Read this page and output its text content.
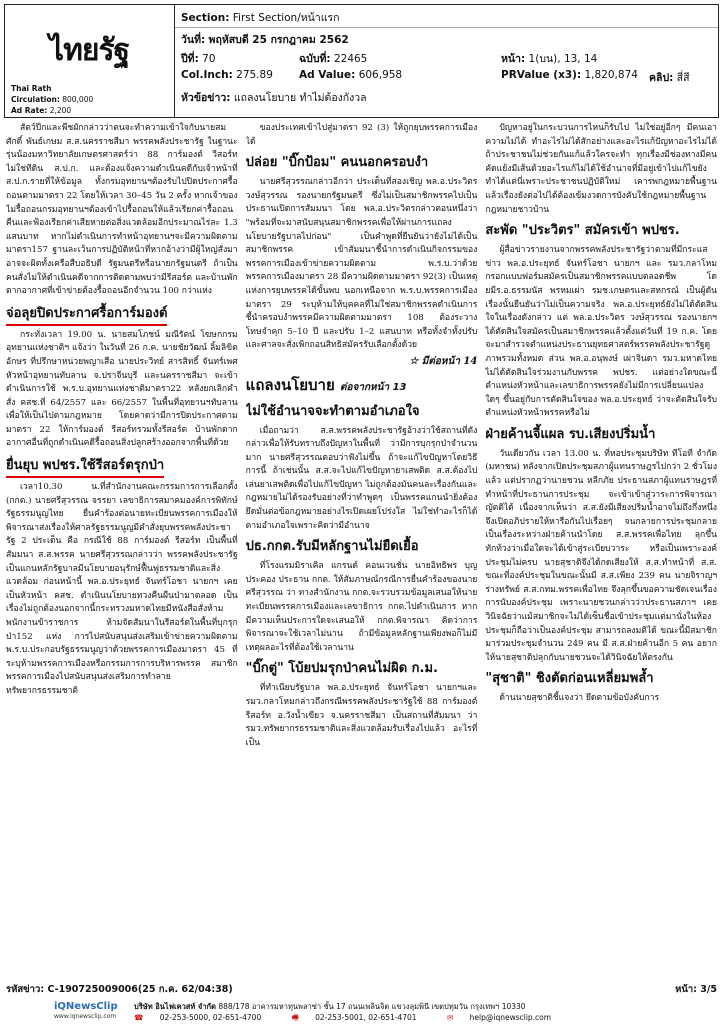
ไทยรัฐ
Thai Rath
Circulation: 800,000
Ad Rate: 2,200
Section: First Section/หน้าแรก
วันที่: พฤหัสบดี 25 กรกฎาคม 2562
ปีที่: 70	ฉบับที่: 22465	หน้า: 1(บน), 13, 14
Col.Inch: 275.89 Ad Value: 606,958	PRValue (x3): 1,820,874 คลิป: สี่สี
หัวข้อข่าว: แถลงนโยบาย ทำไม่ต้องกังวล

สัตว์ปีกและพืชผักกล่าวว่าตนจะทำความเข้าใจกับนายสมศักดิ์ พันธ์เกษม ส.ส.นครราชสีมา พรรคพลังประชารัฐ ในฐานะรุ่นน้องมหาวิทยาลัยเกษตรศาสตร์ว่า 88 การ์มองต์ วีสอร์ท ไม่ใช่ทีดิน ส.ป.ก. และต้องแจ้งความดำเนินคดีกับเจ้าหน้าที่ ส.ป.ก.รายที่ให้ข้อมูล ทั้งกรมอุทยานฯต้องรับไปปิดประกาศรื้อถอนตามมาตรา 22 โดยให้เวลา 30–45 วัน 2 ครั้ง หากเจ้าของไม่รื้อถอนกรมอุทยานฯต้องเข้าไปรื้อถอนให้แล้วเรียกค่ารื้อถอนคืนและฟ้องเรียกค่าเสียหายต่อสิ่งแวดล้อมอีกประมาณไร่ละ 1.3 แสนบาท หากไม่ดำเนินการทำหน้าอุทยานฯจะมีความผิดตามมาตรา157 ฐานละเว้นการปฏิบัติหน้าที่หากอ้างว่ามีผู้ใหญ่สั่งมาอาจจะผิดทั้งเครือสืบอธิบดี รัฐมนตรีหรือนายกรัฐมนตรี ถ้าเป็นคนสั่งไม่ให้ดำเนินคดีจากการติดตามพบว่ามีรีสอร์ต และบ้านพักตากอากาศที่เข้าข่ายต้องรื้อถอนอีกจำนวน 100 กว่าแห่ง

จ่อลุยปิดประกาศรื้อการ์มองต์

กระทั่งเวลา 19.00 น. นายสมโภชน์ มณีรัตน์ โฆษกกรมอุทยานแห่งชาติฯ แจ้งว่า ในวันที่ 26 ก.ค. นายชัยวัฒน์ ลิ้มลิขิตอักษร ที่ปรึกษาหน่วยพญาเสือ นายประวิทย์ สารสิทธิ์ จันทร์เพศ หัวหน้าอุทยานทับลาน จ.ปราจีนบุรี และนครราชสีมา จะเข้าดำเนินการใช้ พ.ร.บ.อุทยานแห่งชาติมาตรา22 หลังยกเลิกคำสั่ง คสช.ที่ 64/2557 และ 66/2557 ในพื้นที่อุทยานฯทับลาน เพื่อให้เป็นไปตามกฎหมาย โดยคาดว่ามีการปิดประกาศตามมาตรา 22 ให้การ์มองต์ รีสอร์ทรวมทั้งรีสอร์ต บ้านพักตากอากาศอื่นที่ถูกดำเนินคดีรื้อถอนสิ่งปลูกสร้างออกจากพื้นที่ด้วย

ยื่นยุบ พปชร.ใช้รีสอร์ตรุกป่า

เวลา10.30 น.ที่สำนักงานคณะกรรมการการเลือกตั้ง (กกต.) นายศรีสุวรรณ จรรยา เลขาธิการสมาคมองค์การพิทักษ์รัฐธรรมนูญไทย ยื่นคำร้องต่อนายทะเบียนพรรคการเมืองให้พิจารณาส่งเรื่องให้ศาลรัฐธรรมนูญมีคำสั่งยุบพรรคพลังประชารัฐ 2 ประเด็น คือ กรณีใช้ 88 การ์มองต์ รีสอร์ท เป็นพื้นที่สัมมนา ส.ส.พรรค นายศรีสุวรรณกล่าวว่า พรรคพลังประชารัฐเป็นแกนหลักรัฐบาลมีนโยบายอนุรักษ์ฟื้นฟูธรรมชาติและสิ่งแวดล้อม ก่อนหน้านี้ พล.อ.ประยุทธ์ จันทร์โอชา นายกฯ เคยเป็นหัวหน้า คสช. ดำเนินนโยบายทวงคืนผืนป่ามาตลอด เป็นเรื่องไม่ถูกต้องนอกจากนี้กระทรวงมหาดไทยมีหนังสือสั่งห้ามพนักงานข้าราชการ ห้ามจัดสัมนาในรีสอร์ตในพื้นที่บุกรุกป่า152 แห่ง การไปสนับสนุนส่งเสริมเข้าข่ายความผิดตาม พ.ร.บ.ประกอบรัฐธรรมนูญว่าด้วยพรรคการเมืองมาตรา 45 ที่ระบุห้ามพรรคการเมืองหรือกรรมการการบริหารพรรค สมาชิกพรรคการเมืองไปสนับสนุนส่งเสริมการทำลายทรัพยากรธรรมชาติ

ของประเทศเข้าไปสู่มาตรา 92 (3) ให้ถูกยุบพรรคการเมืองได้

ปล่อย "บิ๊กป้อม" คนนอกครอบงำ

นายศรีสุวรรณกล่าวอีกว่า ประเด็นที่สองเชิญ พล.อ.ประวิตร วงษ์สุวรรณ รองนายกรัฐมนตรี ซึ่งไม่เป็นสมาชิกพรรคไปเป็นประธานเปิดการสัมมนา โดย พล.อ.ประวิตรกล่าวตอนหนึ่งว่า "พร้อมที่จะมาสนับสนุนสมาชิกพรรคเพื่อให้ผ่านการแถลงนโยบายรัฐบาลไปก่อน" เป็นคำพูดที่ยืนยันว่ายังไม่ได้เป็นสมาชิกพรรค เข้าสัมมนาชี้นำการดำเนินกิจกรรมของพรรคการเมืองเข้าข่ายความผิดตาม พ.ร.บ.ว่าด้วยพรรคการเมืองมาตรา 28 มีความผิดตามมาตรา 92(3) เป็นเหตุแห่งการยุบพรรคได้ขั้นพบ นอกเหนือจาก พ.ร.บ.พรรคการเมืองมาตรา 29 ระบุห้ามให้บุคคลที่ไม่ใช่สมาชิกพรรคดำเนินการชี้นำครอบงำพรรคมีความผิดตามมาตรา 108 ต้องระวางโทษจำคุก 5–10 ปี และปรับ 1–2 แสนบาท หรือทั้งจำทั้งปรับ และศาลจะสั่งเพิกถอนสิทธิสมัครรับเลือกตั้งด้วย

☆ มีต่อหน้า 14
แถลงนโยบาย ต่อจากหน้า 13
ไม่ใช้อำนาจจะทำตามอำเภอใจ

เมื่อถามว่า ส.ส.พรรคพลังประชารัฐอ้างว่าใช้สถานที่ดังกล่าวเพื่อให้รับทราบถึงปัญหาในพื้นที่ ว่ามีการบุกรุกป่าจำนวนมาก นายศรีสุวรรณตอบว่าฟังไม่ขึ้น ถ้าจะแก้ไขปัญหาโดยวิธีการนี้ ถ้าเช่นนั้น ส.ส.จะไปแก้ไขปัญหายาเสพติด ส.ส.ต้องไปเล่นยาเสพติดเพื่อไปแก้ไขปัญหา ไม่ถูกต้องมันคนละเรื่องกันและกฎหมายไม่ได้รองรับอย่างที่ว่าทำพูดๆ เป็นพรรคแกนนำยิ่งต้องยึดมั่นต่อข้อกฎหมายอย่างไรเปิดเผยโปร่งใส ไม่ใช่ทำอะไรก็ได้ตามอำเภอใจเพราะคิดว่ามีอำนาจ

ปธ.กกต.รับมีหลักฐานไม่ยืดเยื้อ

ที่โรงแรมมิราเคิล แกรนด์ คอนเวนชั่น นายอิทธิพร บุญประคอง ประธาน กกต. ให้สัมภาษณ์กรณีการยื่นคำร้องของนายศรีสุวรรณ ว่า ทางสำนักงาน กกต.จะรวบรวมข้อมูลเสนอให้นายทะเบียนพรรคการเมืองและเลขาธิการ กกต.ไปดำเนินการ หากมีความเห็นประการใดจะเสนอให้ กกต.พิจารณา คิดว่าการพิจารณาจะใช้เวลาไม่นาน ถ้ามีข้อมูลหลักฐานเพียงพอก็ไม่มีเหตุผลอะไรที่ต้องใช้เวลานาน

"บิ๊กตู่" โบ้ยปมรุกป่าคนไม่ผิด ก.ม.

ที่ทำเนียบรัฐบาล พล.อ.ประยุทธ์ จันทร์โอชา นายกฯและ รมว.กลาโหมกล่าวถึงกรณีพรรคพลังประชารัฐใช้ 88 การ์มองต์ รีสอร์ท อ.วังน้ำเขียว จ.นครราชสีมา เป็นสถานที่สัมมนา ว่า รมว.ทรัพยากรธรรมชาติและสิ่งแวดล้อมรับเรื่องไปแล้ว อะไรที่เป็น

ปัญหาอยู่ในกระบวนการไหนก็รับไป ไม่ใช่อยู่อีกๆ มีคนเอาความไม่ได้ ทำอะไรไม่ได้สักอย่างและอะไรแก้ปัญหาอะไรไม่ได้ ถ้าประชาชนไม่ช่วยกันแก้แล้วใครจะทำ ทุกเรื่องมีช่องทางมีคนคัดแย้งมีเส้นด้วยอะไรแก้ไม่ได้ใช้อำนาจที่มีอยู่เข้าไปแก้ไขยังทำได้แต่นี่เพราะประชาชนปฏิบัติใหม่ เคารพกฎหมายพื้นฐานแล้วเรื่องยังต่อไปได้ต้องเข้มงวดการบังคับใช้กฎหมายพื้นฐาน กฎหมายชาวบ้าน

สะพัด "ประวิตร" สมัครเข้า พปชร.

ผู้สื่อข่าวรายงานจากพรรคพลังประชารัฐว่าตามที่มีกระแสข่าว พล.อ.ประยุทธ์ จันทร์โอชา นายกฯ และ รมว.กลาโหม กรอกแบบฟอร์มสมัครเป็นสมาชิกพรรคแบบตลอดชีพ โดยมีร.อ.ธรรมนัส พรหมเผ่า รมช.เกษตรและสหกรณ์ เป็นผู้ดันเรื่องนั้นยืนยันว่าไม่เป็นความจริง พล.อ.ประยุทธ์ยังไม่ได้ตัดสินใจในเรื่องดังกล่าว แต่ พล.อ.ประวิตร วงษ์สุวรรณ รองนายกฯ ได้ตัดสินใจสมัครเป็นสมาชิกพรรคแล้วตั้งแต่วันที่ 19 ก.ค. โดยจะมาสำรวจตำแหน่งประธานยุทธศาสตร์พรรคพลังประชารัฐดูภาพรวมทั้งหมด ส่วน พล.อ.อนุพงษ์ เผ่าจินดา รมว.มหาดไทย ไม่ได้ตัดสินใจร่วมงานกับพรรค พปชร. แต่อย่างใดขณะนี้ตำแหน่งหัวหน้าและเลขาธิการพรรคยังไม่มีการเปลี่ยนแปลงใดๆ ขึ้นอยู่กับการตัดสินใจของ พล.อ.ประยุทธ์ ว่าจะตัดสินใจรับตำแหน่งหัวหน้าพรรคหรือไม่

ฝ่ายค้านจี้แผล รบ.เสียงปริ่มน้ำ

วันเดียวกัน เวลา 13.00 น. ที่หอประชุมบริษัท ทีโอที จำกัด (มหาชน) หลังจากเปิดประชุมสภาผู้แทนราษฎรไปกว่า 2 ชั่วโมงแล้ว แต่ปรากฏว่านายชวน หลีกภัย ประธานสภาผู้แทนราษฎรที่ทำหน้าที่ประธานการประชุม จะเข้าเข้าสู่วาระการพิจารณาญัตติได้ เนื่องจากเห็นว่า ส.ส.ยังมีเสียงปริ่มน้ำอาจไม่ถึงกึ่งหนึ่ง จึงเปิดอภิปรายให้หารือกันไปเรื่อยๆ จนกลายการประชุมกลายเป็นเรื่องระหว่างฝ่ายค้านนำโดย ส.ส.พรรคเพื่อไทย ลุกขึ้นทักท้วงว่าเมื่อใดจะได้เข้าสู่ระเบียบวาระ หรือเป็นเพราะองค์ประชุมไม่ครบ นายสุชาติจึงได้กดเสียงให้ ส.ส.ทำหน้าที่ ส.ส. ขณะที่องค์ประชุมในขณะนั้นมี ส.ส.เพียง 239 คน นายจิราญฯ ร่างทรัพย์ ส.ส.กทม.พรรคเพื่อไทย จึงลุกขึ้นขอความชัดเจนเรื่องการนับองค์ประชุม เพราะนายชวนกล่าวว่าประธานสภาฯ เคยวินิจฉัยว่าแม้สมาชิกจะไม่ได้เซ็นชื่อเข้าประชุมแต่มานั่งในห้องประชุมก็ถือว่าเป็นองค์ประชุม สามารถลงมติได้ ขณะนี้มีสมาชิกมาร่วมประชุมจำนวน 249 คน มี ส.ส.ฝ่ายค้านอีก 5 คน อยากให้นายสุชาติปลุกกับนายชวนจะได้วินิจฉัยให้ตรงกัน

"สุชาติ" ชิงตัดก่อนเหลี่ยมพล้ำ

ด้านนายสุชาติชี้แจงว่า ยึดตามข้อบังคับการ

รหัสข่าว: C-190725009006(25 ก.ค. 62/04:38)	หน้า: 3/5
iQNewsClip
www.iqnewsclip.com
บริษัท อินไฟเควสท์ จำกัด 888/178 อาคารมหาทุนพลาซ่า ชั้น 17 ถนนเพลินจิต แขวงลุมพินี เขตปทุมวัน กรุงเทพฯ 10330
☎ 02-253-5000, 02-651-4700	🖷 02-253-5001, 02-651-4701	✉ help@iqnewsclip.com
